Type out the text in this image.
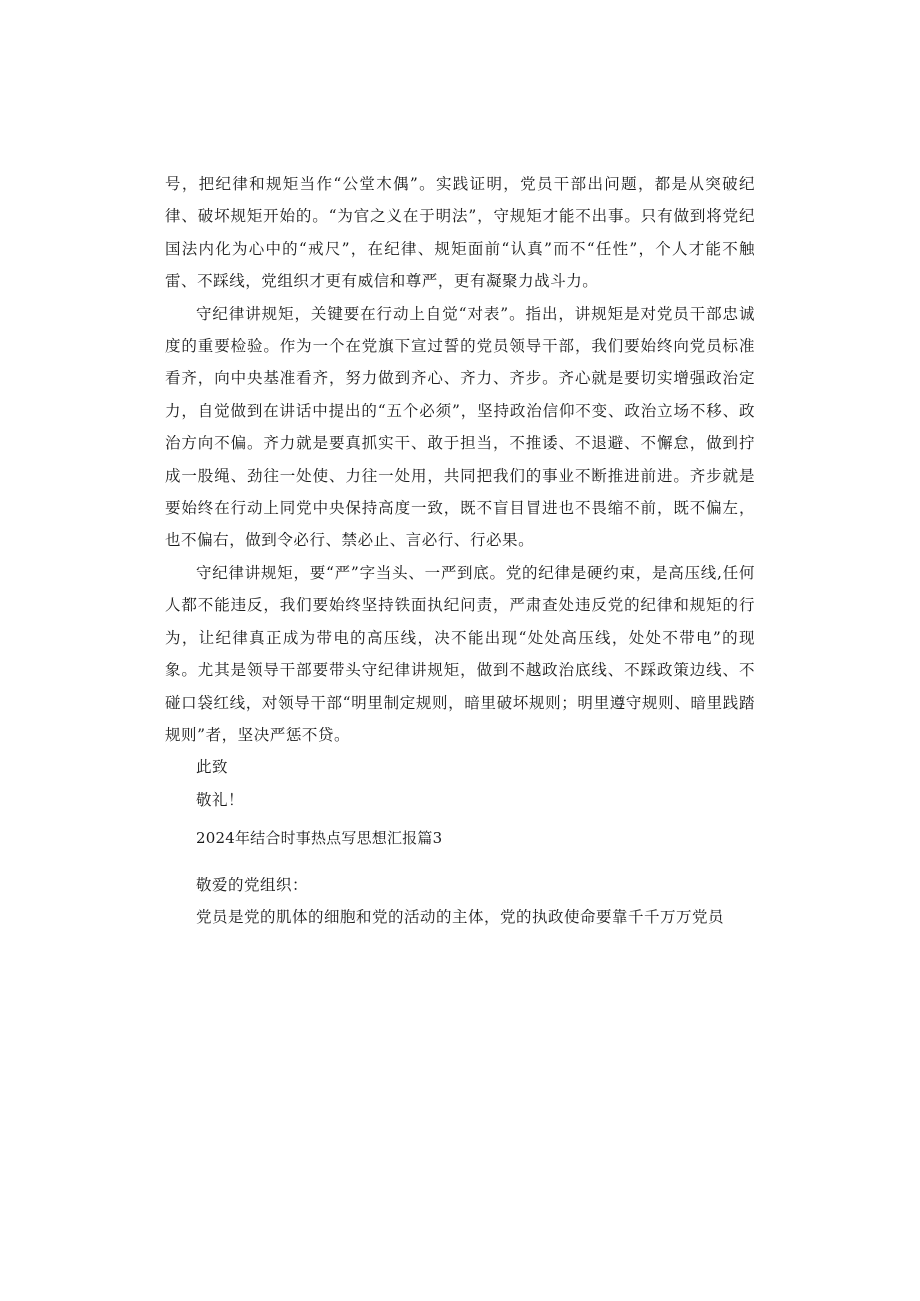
号，把纪律和规矩当作“公堂木偶”。实践证明，党员干部出问题，都是从突破纪律、破坏规矩开始的。“为官之义在于明法”，守规矩才能不出事。只有做到将党纪国法内化为心中的“戒尺”，在纪律、规矩面前“认真”而不“任性”，个人才能不触雷、不踩线，党组织才更有威信和尊严，更有凝聚力战斗力。

守纪律讲规矩，关键要在行动上自觉“对表”。指出，讲规矩是对党员干部忠诚度的重要检验。作为一个在党旗下宣过誓的党员领导干部，我们要始终向党员标准看齐，向中央基准看齐，努力做到齐心、齐力、齐步。齐心就是要切实增强政治定力，自觉做到在讲话中提出的“五个必须”，坚持政治信仰不变、政治立场不移、政治方向不偏。齐力就是要真抓实干、敢于担当，不推诿、不退避、不懈怠，做到拧成一股绳、劲往一处使、力往一处用，共同把我们的事业不断推进前进。齐步就是要始终在行动上同党中央保持高度一致，既不盲目冒进也不畏缩不前，既不偏左，也不偏右，做到令必行、禁必止、言必行、行必果。

守纪律讲规矩，要“严”字当头、一严到底。党的纪律是硬约束，是高压线,任何人都不能违反，我们要始终坚持铁面执纪问责，严肃查处违反党的纪律和规矩的行为，让纪律真正成为带电的高压线，决不能出现“处处高压线，处处不带电”的现象。尤其是领导干部要带头守纪律讲规矩，做到不越政治底线、不踩政策边线、不碰口袋红线，对领导干部“明里制定规则，暗里破坏规则；明里遵守规则、暗里践踏规则”者，坚决严惩不贷。

此致

敬礼！

2024年结合时事热点写思想汇报篇3

敬爱的党组织：

党员是党的肌体的细胞和党的活动的主体，党的执政使命要靠千千万万党员
